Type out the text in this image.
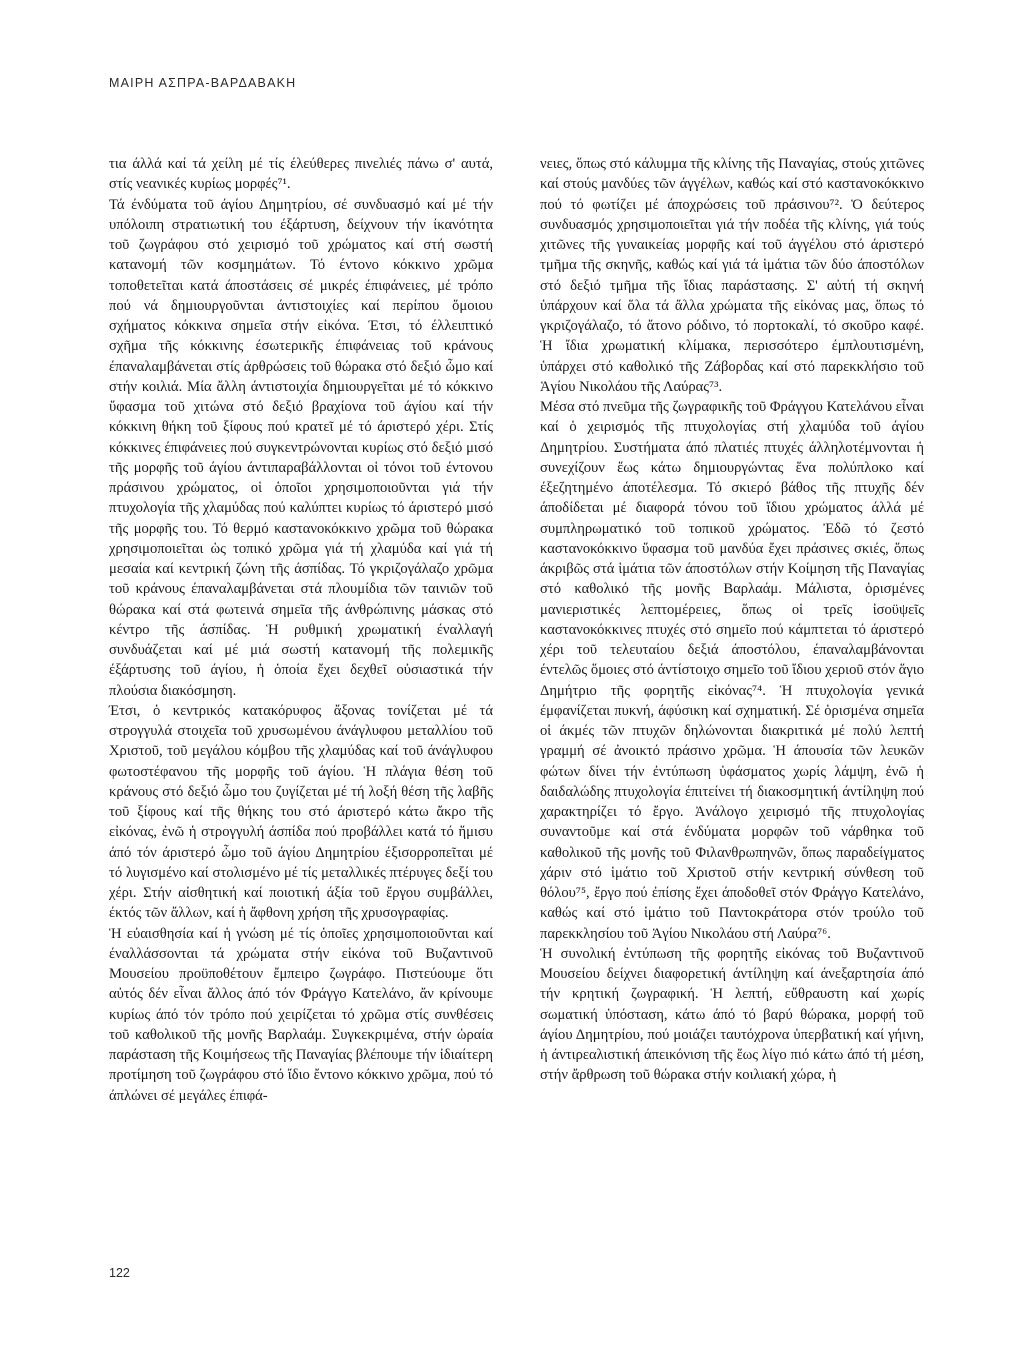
ΜΑΙΡΗ ΑΣΠΡΑ-ΒΑΡΔΑΒΑΚΗ

τια άλλά καί τά χείλη μέ τίς έλεύθερες πινελιές πάνω σ' αυτά, στίς νεανικές κυρίως μορφές⁷¹.

Τά ένδύματα τοῦ άγίου Δημητρίου, σέ συνδυασμό καί μέ τήν υπόλοιπη στρατιωτική του έξάρτυση, δείχνουν τήν ίκανότητα τοῦ ζωγράφου στό χειρισμό τοῦ χρώματος καί στή σωστή κατανομή τῶν κοσμημάτων. Τό έντονο κόκκινο χρῶμα τοποθετεῖται κατά άποστάσεις σέ μικρές έπιφάνειες, μέ τρόπο πού νά δημιουργοῦνται άντιστοιχίες καί περίπου ὅμοιου σχήματος κόκκινα σημεῖα στήν εἰκόνα. Έτσι, τό έλλειπτικό σχῆμα τῆς κόκκινης έσωτερικῆς έπιφάνειας τοῦ κράνους έπαναλαμβάνεται στίς άρθρώσεις τοῦ θώρακα στό δεξιό ὦμο καί στήν κοιλιά. Μία ἄλλη άντιστοιχία δημιουργεῖται μέ τό κόκκινο ὕφασμα τοῦ χιτώνα στό δεξιό βραχίονα τοῦ άγίου καί τήν κόκκινη θήκη τοῦ ξίφους πού κρατεῖ μέ τό άριστερό χέρι. Στίς κόκκινες έπιφάνειες πού συγκεντρώνονται κυρίως στό δεξιό μισό τῆς μορφῆς τοῦ άγίου άντιπαραβάλλονται οἱ τόνοι τοῦ έντονου πράσινου χρώματος, οἱ ὁποῖοι χρησιμοποιοῦνται γιά τήν πτυχολογία τῆς χλαμύδας πού καλύπτει κυρίως τό άριστερό μισό τῆς μορφῆς του. Τό θερμό καστανοκόκκινο χρῶμα τοῦ θώρακα χρησιμοποιεῖται ὡς τοπικό χρῶμα γιά τή χλαμύδα καί γιά τή μεσαία καί κεντρική ζώνη τῆς άσπίδας. Τό γκριζογάλαζο χρῶμα τοῦ κράνους έπαναλαμβάνεται στά πλουμίδια τῶν ταινιῶν τοῦ θώρακα καί στά φωτεινά σημεῖα τῆς άνθρώπινης μάσκας στό κέντρο τῆς άσπίδας. Ἡ ρυθμική χρωματική έναλλαγή συνδυάζεται καί μέ μιά σωστή κατανομή τῆς πολεμικῆς έξάρτυσης τοῦ άγίου, ἡ ὁποία ἔχει δεχθεῖ οὐσιαστικά τήν πλούσια διακόσμηση.

Έτσι, ὁ κεντρικός κατακόρυφος ἄξονας τονίζεται μέ τά στρογγυλά στοιχεῖα τοῦ χρυσωμένου άνάγλυφου μεταλλίου τοῦ Χριστοῦ, τοῦ μεγάλου κόμβου τῆς χλαμύδας καί τοῦ άνάγλυφου φωτοστέφανου τῆς μορφῆς τοῦ άγίου. Ἡ πλάγια θέση τοῦ κράνους στό δεξιό ὦμο του ζυγίζεται μέ τή λοξή θέση τῆς λαβῆς τοῦ ξίφους καί τῆς θήκης του στό άριστερό κάτω ἄκρο τῆς εἰκόνας, ἐνῶ ἡ στρογγυλή άσπίδα πού προβάλλει κατά τό ἥμισυ άπό τόν άριστερό ὦμο τοῦ άγίου Δημητρίου έξισορροπεῖται μέ τό λυγισμένο καί στολισμένο μέ τίς μεταλλικές πτέρυγες δεξί του χέρι. Στήν αἰσθητική καί ποιοτική άξία τοῦ ἔργου συμβάλλει, έκτός τῶν ἄλλων, καί ἡ ἄφθονη χρήση τῆς χρυσογραφίας.

Ἡ εὐαισθησία καί ἡ γνώση μέ τίς ὁποῖες χρησιμοποιοῦνται καί έναλλάσσονται τά χρώματα στήν εἰκόνα τοῦ Βυζαντινοῦ Μουσείου προϋποθέτουν ἔμπειρο ζωγράφο. Πιστεύουμε ὅτι αὐτός δέν εἶναι ἄλλος άπό τόν Φράγγο Κατελάνο, ἄν κρίνουμε κυρίως άπό τόν τρόπο πού χειρίζεται τό χρῶμα στίς συνθέσεις τοῦ καθολικοῦ τῆς μονῆς Βαρλαάμ. Συγκεκριμένα, στήν ὡραία παράσταση τῆς Κοιμήσεως τῆς Παναγίας βλέπουμε τήν ἰδιαίτερη προτίμηση τοῦ ζωγράφου στό ἴδιο ἔντονο κόκκινο χρῶμα, πού τό άπλώνει σέ μεγάλες έπιφά-

νειες, ὅπως στό κάλυμμα τῆς κλίνης τῆς Παναγίας, στούς χιτῶνες καί στούς μανδύες τῶν άγγέλων, καθώς καί στό καστανοκόκκινο πού τό φωτίζει μέ άποχρώσεις τοῦ πράσινου⁷². Ὁ δεύτερος συνδυασμός χρησιμοποιεῖται γιά τήν ποδέα τῆς κλίνης, γιά τούς χιτῶνες τῆς γυναικείας μορφῆς καί τοῦ άγγέλου στό άριστερό τμῆμα τῆς σκηνῆς, καθώς καί γιά τά ἱμάτια τῶν δύο άποστόλων στό δεξιό τμῆμα τῆς ἴδιας παράστασης. Σ' αὐτή τή σκηνή ὑπάρχουν καί ὅλα τά ἄλλα χρώματα τῆς εἰκόνας μας, ὅπως τό γκριζογάλαζο, τό ἄτονο ρόδινο, τό πορτοκαλί, τό σκοῦρο καφέ. Ἡ ἴδια χρωματική κλίμακα, περισσότερο έμπλουτισμένη, ὑπάρχει στό καθολικό τῆς Ζάβορδας καί στό παρεκκλήσιο τοῦ Ἁγίου Νικολάου τῆς Λαύρας⁷³.

Μέσα στό πνεῦμα τῆς ζωγραφικῆς τοῦ Φράγγου Κατελάνου εἶναι καί ὁ χειρισμός τῆς πτυχολογίας στή χλαμύδα τοῦ άγίου Δημητρίου. Συστήματα άπό πλατιές πτυχές άλληλοτέμνονται ἡ συνεχίζουν ἕως κάτω δημιουργώντας ἕνα πολύπλοκο καί έξεζητημένο άποτέλεσμα. Τό σκιερό βάθος τῆς πτυχῆς δέν άποδίδεται μέ διαφορά τόνου τοῦ ἴδιου χρώματος άλλά μέ συμπληρωματικό τοῦ τοπικοῦ χρώματος. Ἐδῶ τό ζεστό καστανοκόκκινο ὕφασμα τοῦ μανδύα ἔχει πράσινες σκιές, ὅπως άκριβῶς στά ἱμάτια τῶν άποστόλων στήν Κοίμηση τῆς Παναγίας στό καθολικό τῆς μονῆς Βαρλαάμ. Μάλιστα, ὁρισμένες μανιεριστικές λεπτομέρειες, ὅπως οἱ τρεῖς ἰσοϋψεῖς καστανοκόκκινες πτυχές στό σημεῖο πού κάμπτεται τό άριστερό χέρι τοῦ τελευταίου δεξιά άποστόλου, έπαναλαμβάνονται έντελῶς ὅμοιες στό άντίστοιχο σημεῖο τοῦ ἴδιου χεριοῦ στόν ἅγιο Δημήτριο τῆς φορητῆς εἰκόνας⁷⁴. Ἡ πτυχολογία γενικά έμφανίζεται πυκνή, άφύσικη καί σχηματική. Σέ ὁρισμένα σημεῖα οἱ άκμές τῶν πτυχῶν δηλώνονται διακριτικά μέ πολύ λεπτή γραμμή σέ ἀνοικτό πράσινο χρῶμα. Ἡ άπουσία τῶν λευκῶν φώτων δίνει τήν ἐντύπωση ὑφάσματος χωρίς λάμψη, ἐνῶ ἡ δαιδαλώδης πτυχολογία έπιτείνει τή διακοσμητική άντίληψη πού χαρακτηρίζει τό ἔργο. Ἀνάλογο χειρισμό τῆς πτυχολογίας συναντοῦμε καί στά ένδύματα μορφῶν τοῦ νάρθηκα τοῦ καθολικοῦ τῆς μονῆς τοῦ Φιλανθρωπηνῶν, ὅπως παραδείγματος χάριν στό ἱμάτιο τοῦ Χριστοῦ στήν κεντρική σύνθεση τοῦ θόλου⁷⁵, ἔργο πού ἐπίσης ἔχει άποδοθεῖ στόν Φράγγο Κατελάνο, καθώς καί στό ἱμάτιο τοῦ Παντοκράτορα στόν τρούλο τοῦ παρεκκλησίου τοῦ Ἁγίου Νικολάου στή Λαύρα⁷⁶.

Ἡ συνολική ἐντύπωση τῆς φορητῆς εἰκόνας τοῦ Βυζαντινοῦ Μουσείου δείχνει διαφορετική άντίληψη καί άνεξαρτησία άπό τήν κρητική ζωγραφική. Ἡ λεπτή, εὔθραυστη καί χωρίς σωματική ὑπόσταση, κάτω άπό τό βαρύ θώρακα, μορφή τοῦ άγίου Δημητρίου, πού μοιάζει ταυτόχρονα ὑπερβατική καί γήινη, ἡ άντιρεαλιστική άπεικόνιση τῆς ἕως λίγο πιό κάτω άπό τή μέση, στήν ἄρθρωση τοῦ θώρακα στήν κοιλιακή χώρα, ἡ

122
